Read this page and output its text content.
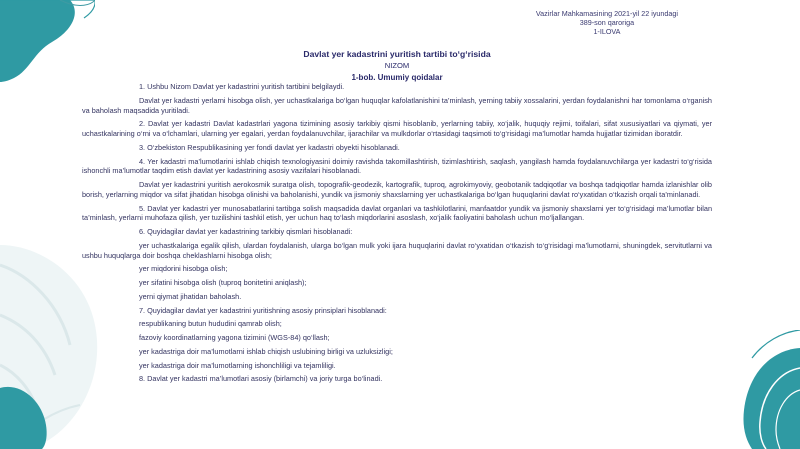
Vazirlar Mahkamasining 2021-yil 22 iyundagi
389-son qaroriga
1-ILOVA
Davlat yer kadastrini yuritish tartibi to‘g‘risida
NIZOM
1-bob. Umumiy qoidalar

1. Ushbu Nizom Davlat yer kadastrini yuritish tartibini belgilaydi.

Davlat yer kadastri yerlarni hisobga olish, yer uchastkalariga bo‘lgan huquqlar kafolatlanishini ta’minlash, yerning tabiiy xossalarini, yerdan foydalanishni har tomonlama o‘rganish va baholash maqsadida yuritiladi.

2. Davlat yer kadastri Davlat kadastrlari yagona tizimining asosiy tarkibiy qismi hisoblanib, yerlarning tabiiy, xo‘jalik, huquqiy rejimi, toifalari, sifat xususiyatlari va qiymati, yer uchastkalarining o‘rni va o‘lchamlari, ularning yer egalari, yerdan foydalanuvchilar, ijarachilar va mulkdorlar o‘rtasidagi taqsimoti to‘g‘risidagi ma’lumotlar hamda hujjatlar tizimidan iboratdir.

3. O‘zbekiston Respublikasining yer fondi davlat yer kadastri obyekti hisoblanadi.

4. Yer kadastri ma’lumotlarini ishlab chiqish texnologiyasini doimiy ravishda takomillashtirish, tizimlashtirish, saqlash, yangilash hamda foydalanuvchilarga yer kadastri to‘g‘risida ishonchli ma’lumotlar taqdim etish davlat yer kadastrining asosiy vazifalari hisoblanadi.

Davlat yer kadastrini yuritish aerokosmik suratga olish, topografik-geodezik, kartografik, tuproq, agrokimyoviy, geobotanik tadqiqotlar va boshqa tadqiqotlar hamda izlanishlar olib borish, yerlarning miqdor va sifat jihatidan hisobga olinishi va baholanishi, yundik va jismoniy shaxslarning yer uchastkalariga bo‘lgan huquqlarini davlat ro‘yxatidan o‘tkazish orqali ta’minlanadi.

5. Davlat yer kadastri yer munosabatlarini tartibga solish maqsadida davlat organlari va tashkilotlarini, manfaatdor yundik va jismoniy shaxslarni yer to‘g‘risidagi ma’lumotlar bilan ta’minlash, yerlarni muhofaza qilish, yer tuzilishini tashkil etish, yer uchun haq to‘lash miqdorlarini asoslash, xo‘jalik faoliyatini baholash uchun mo‘ljallangan.

6. Quyidagilar davlat yer kadastrining tarkibiy qismlari hisoblanadi:

yer uchastkalariga egalik qilish, ulardan foydalanish, ularga bo‘lgan mulk yoki ijara huquqlarini davlat ro‘yxatidan o‘tkazish to‘g‘risidagi ma’lumotlarni, shuningdek, servitutlarni va ushbu huquqlarga doir boshqa cheklashlarni hisobga olish;

yer miqdorini hisobga olish;

yer sifatini hisobga olish (tuproq bonitetini aniqlash);

yerni qiymat jihatidan baholash.

7. Quyidagilar davlat yer kadastrini yuritishning asosiy prinsiplari hisoblanadi:

respublikaning butun hududini qamrab olish;

fazoviy koordinatlarning yagona tizimini (WGS-84) qo‘llash;

yer kadastriga doir ma’lumotlarni ishlab chiqish uslubining birligi va uzluksizligi;

yer kadastriga doir ma’lumotlarning ishonchliligi va tejamliligi.

8. Davlat yer kadastri ma’lumotlari asosiy (birlamchi) va joriy turga bo‘linadi.
